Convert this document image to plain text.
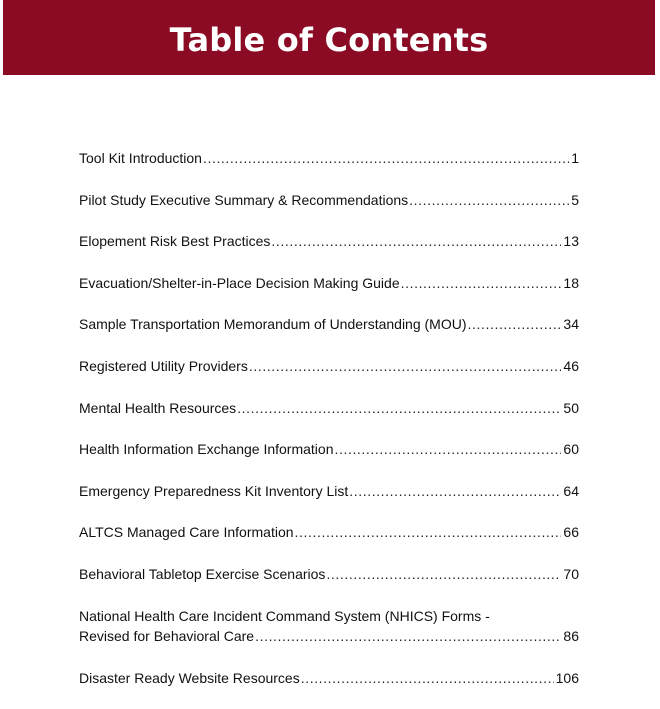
Table of Contents
Tool Kit Introduction .....	1
Pilot Study Executive Summary & Recommendations .....	5
Elopement Risk Best Practices .....	13
Evacuation/Shelter-in-Place Decision Making Guide .....	18
Sample Transportation Memorandum of Understanding (MOU) .....	34
Registered Utility Providers .....	46
Mental Health Resources .....	50
Health Information Exchange Information .....	60
Emergency Preparedness Kit Inventory List .....	64
ALTCS Managed Care Information .....	66
Behavioral Tabletop Exercise Scenarios .....	70
National Health Care Incident Command System (NHICS) Forms -
Revised for Behavioral Care .....	86
Disaster Ready Website Resources .....	106
